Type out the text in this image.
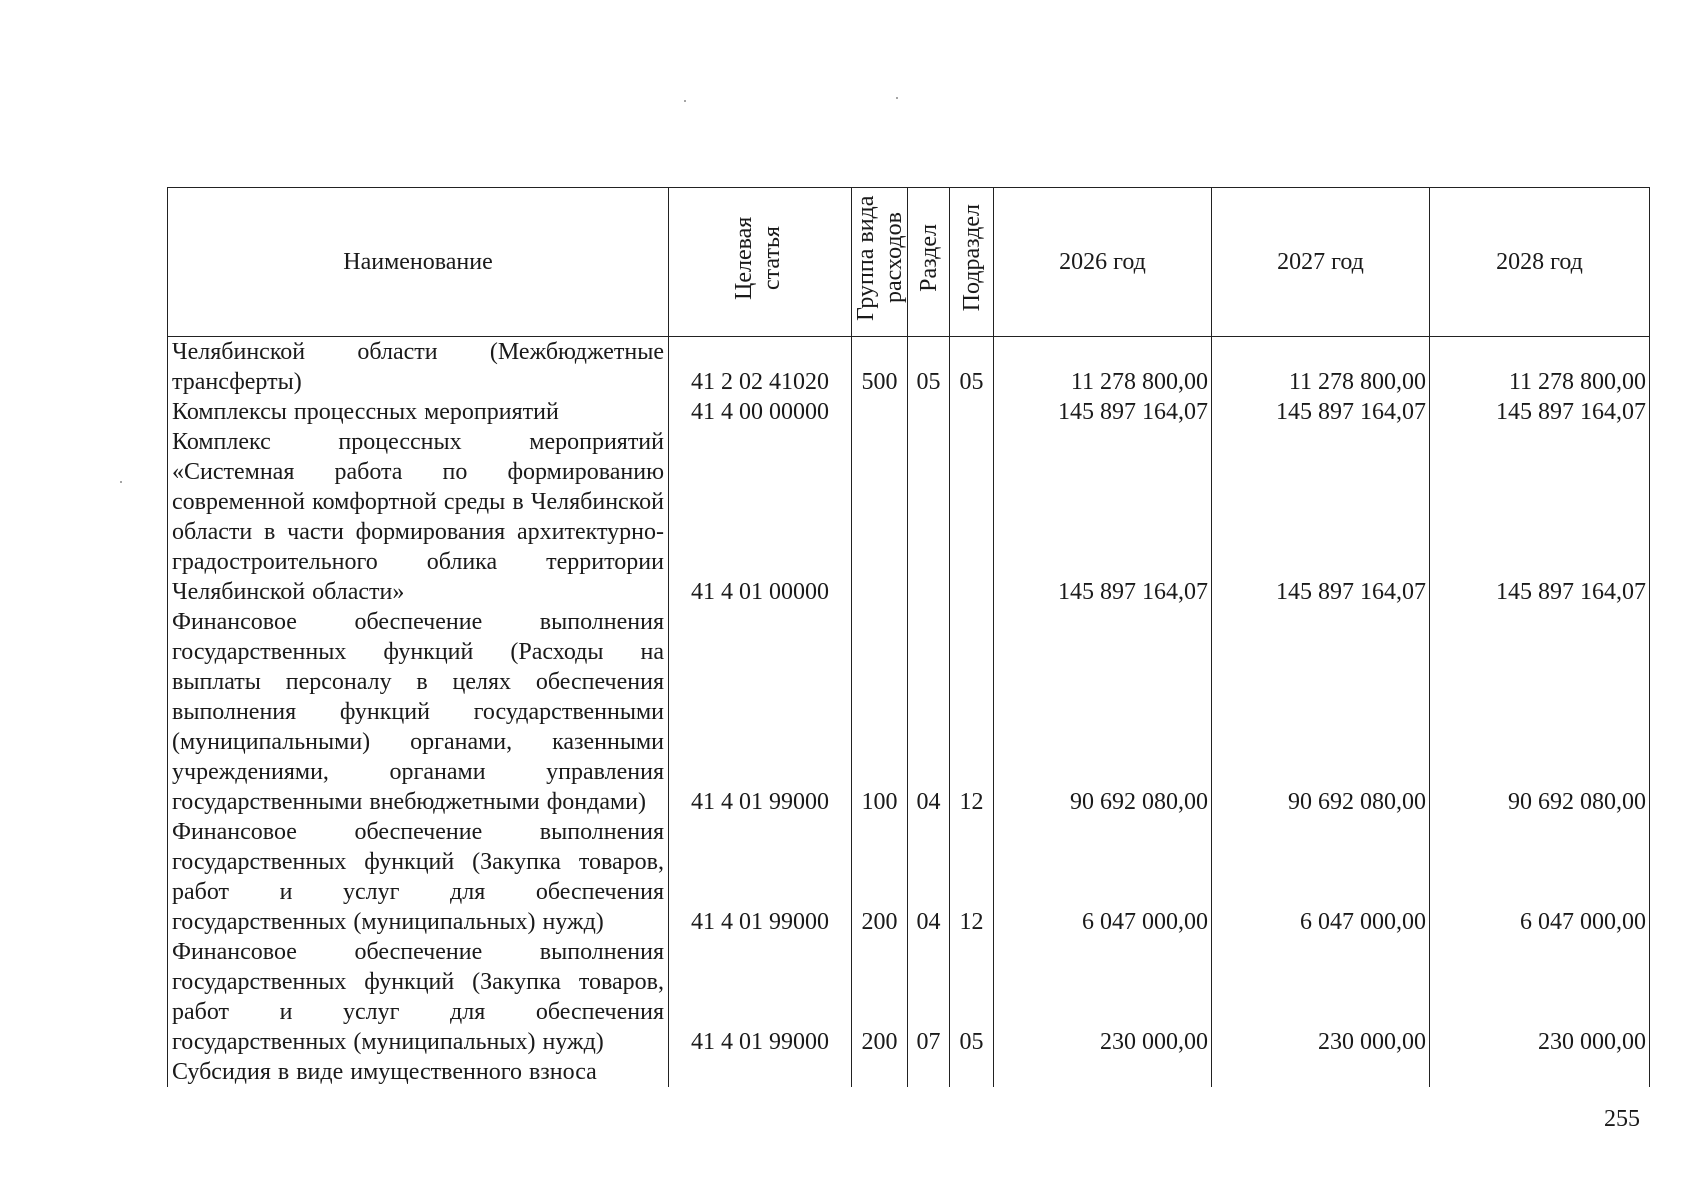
Наименование	Целевая статья	Группа вида расходов	Раздел	Подраздел	2026 год	2027 год	2028 год
Челябинской области (Межбюджетные трансферты)	41 2 02 41020	500	05	05	11 278 800,00	11 278 800,00	11 278 800,00
Комплексы процессных мероприятий	41 4 00 00000				145 897 164,07	145 897 164,07	145 897 164,07
Комплекс процессных мероприятий «Системная работа по формированию современной комфортной среды в Челябинской области в части формирования архитектурно-градостроительного облика территории Челябинской области»	41 4 01 00000				145 897 164,07	145 897 164,07	145 897 164,07
Финансовое обеспечение выполнения государственных функций (Расходы на выплаты персоналу в целях обеспечения выполнения функций государственными (муниципальными) органами, казенными учреждениями, органами управления государственными внебюджетными фондами)	41 4 01 99000	100	04	12	90 692 080,00	90 692 080,00	90 692 080,00
Финансовое обеспечение выполнения государственных функций (Закупка товаров, работ и услуг для обеспечения государственных (муниципальных) нужд)	41 4 01 99000	200	04	12	6 047 000,00	6 047 000,00	6 047 000,00
Финансовое обеспечение выполнения государственных функций (Закупка товаров, работ и услуг для обеспечения государственных (муниципальных) нужд)	41 4 01 99000	200	07	05	230 000,00	230 000,00	230 000,00
Субсидия в виде имущественного взноса							
255
